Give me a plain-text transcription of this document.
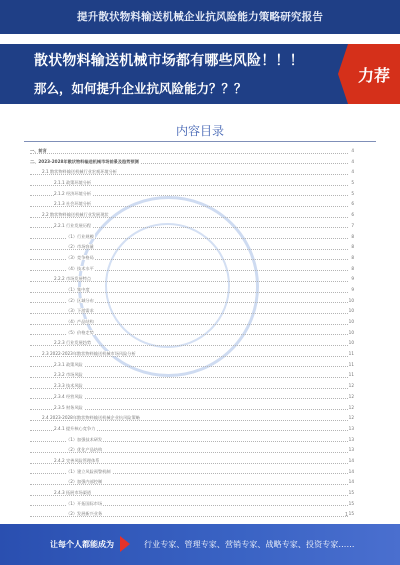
提升散状物料输送机械企业抗风险能力策略研究报告
散状物料输送机械市场都有哪些风险！！！
那么，如何提升企业抗风险能力？？？
力荐
内容目录
一、前言	4
二、2023-2028年散状物料输送机械市场前景及趋势预测	4
2.1 散状物料输送机械行业宏观环境分析	4
2.1.1 政策环境分析	5
2.1.2 经济环境分析	5
2.1.3 社会环境分析	6
2.2 散状物料输送机械行业发展现状	6
2.2.1 行业发展历程	7
（1）行业规模	8
（2）市场容量	8
（3）竞争格局	8
（4）技术水平	8
2.2.2 市场发展特点	9
（1）集中度	9
（2）区域分布	10
（3）下游需求	10
（4）产品结构	10
（5）价格走势	10
2.2.3 行业发展趋势	10
2.3 2022-2023年散状物料输送机械市场风险分析	11
2.3.1 政策风险	11
2.3.2 市场风险	11
2.3.3 技术风险	12
2.3.4 经营风险	12
2.3.5 财务风险	12
2.4 2023-2028年散状物料输送机械企业抗风险策略	12
2.4.1 提升核心竞争力	13
（1）加强技术研发	13
（2）优化产品结构	13
2.4.2 完善风险管理体系	14
（1）建立风险预警机制	14
（2）加强内部控制	14
2.4.3 拓展市场渠道	15
（1）开拓国际市场	15
（2）发展新兴业务	15
1
让每个人都能成为	行业专家、管理专家、营销专家、战略专家、投资专家……
